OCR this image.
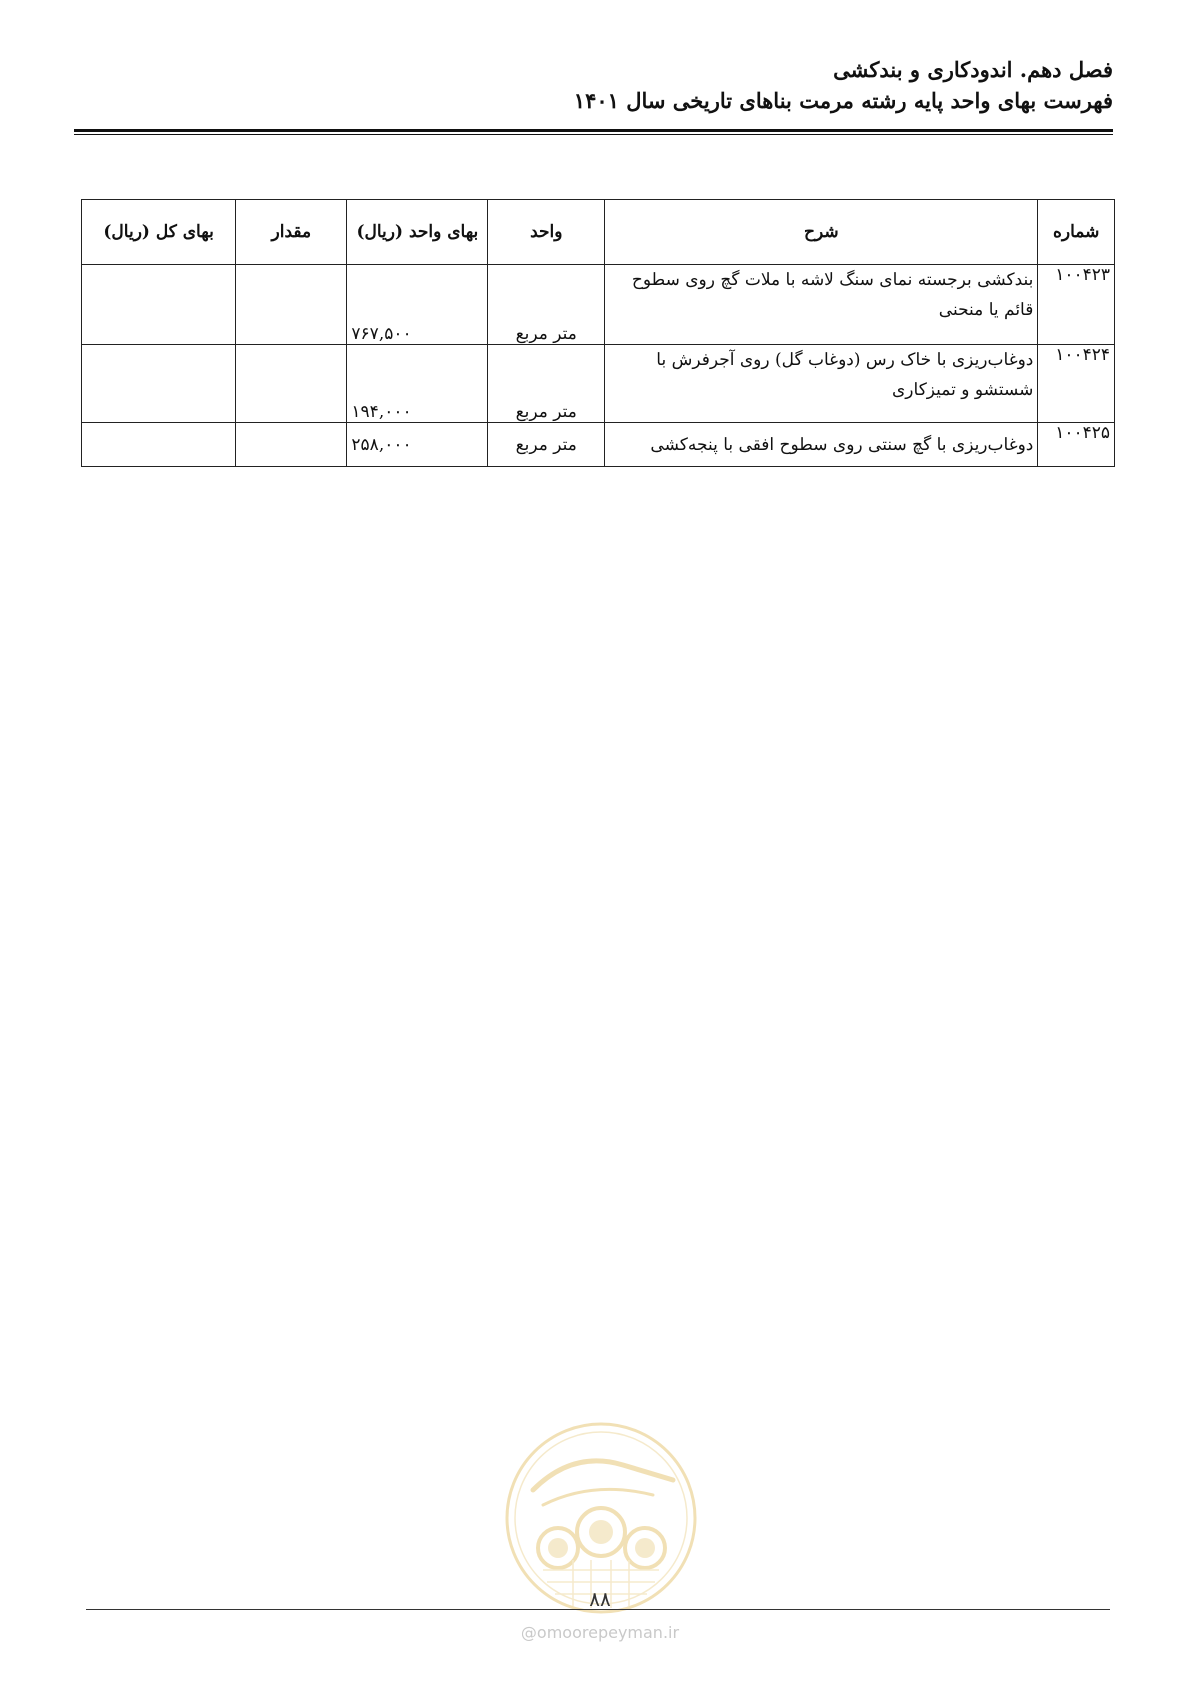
فصل دهم. اندودکاری و بندکشی
فهرست بهای واحد پایه رشته مرمت بناهای تاریخی سال ۱۴۰۱
شماره	شرح	واحد	بهای واحد (ریال)	مقدار	بهای کل (ریال)
۱۰۰۴۲۳	بندکشی برجسته نمای سنگ لاشه با ملات گچ روی سطوح قائم یا منحنی	متر مربع	۷۶۷,۵۰۰		
۱۰۰۴۲۴	دوغاب‌ریزی با خاک رس (دوغاب گل) روی آجرفرش با شستشو و تمیزکاری	متر مربع	۱۹۴,۰۰۰		
۱۰۰۴۲۵	دوغاب‌ریزی با گچ سنتی روی سطوح افقی با پنجه‌کشی	متر مربع	۲۵۸,۰۰۰		
۸۸
@omoorepeyman.ir
